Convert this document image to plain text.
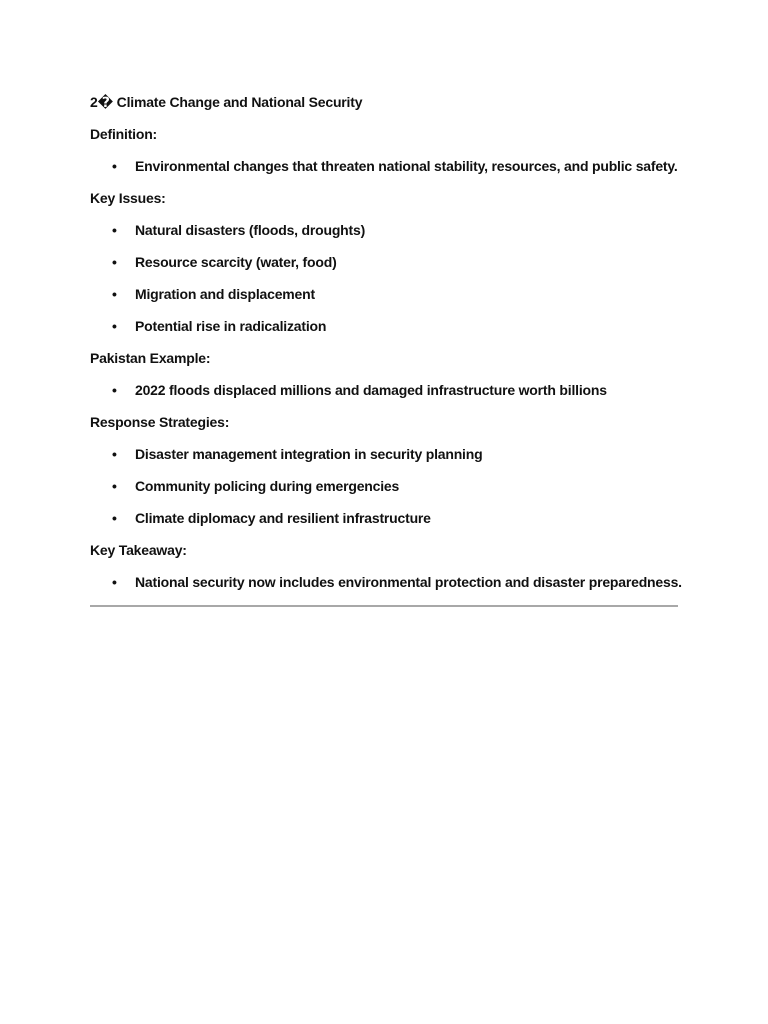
2� Climate Change and National Security
Definition:
• Environmental changes that threaten national stability, resources, and public safety.
Key Issues:
• Natural disasters (floods, droughts)
• Resource scarcity (water, food)
• Migration and displacement
• Potential rise in radicalization
Pakistan Example:
• 2022 floods displaced millions and damaged infrastructure worth billions
Response Strategies:
• Disaster management integration in security planning
• Community policing during emergencies
• Climate diplomacy and resilient infrastructure
Key Takeaway:
• National security now includes environmental protection and disaster preparedness.
